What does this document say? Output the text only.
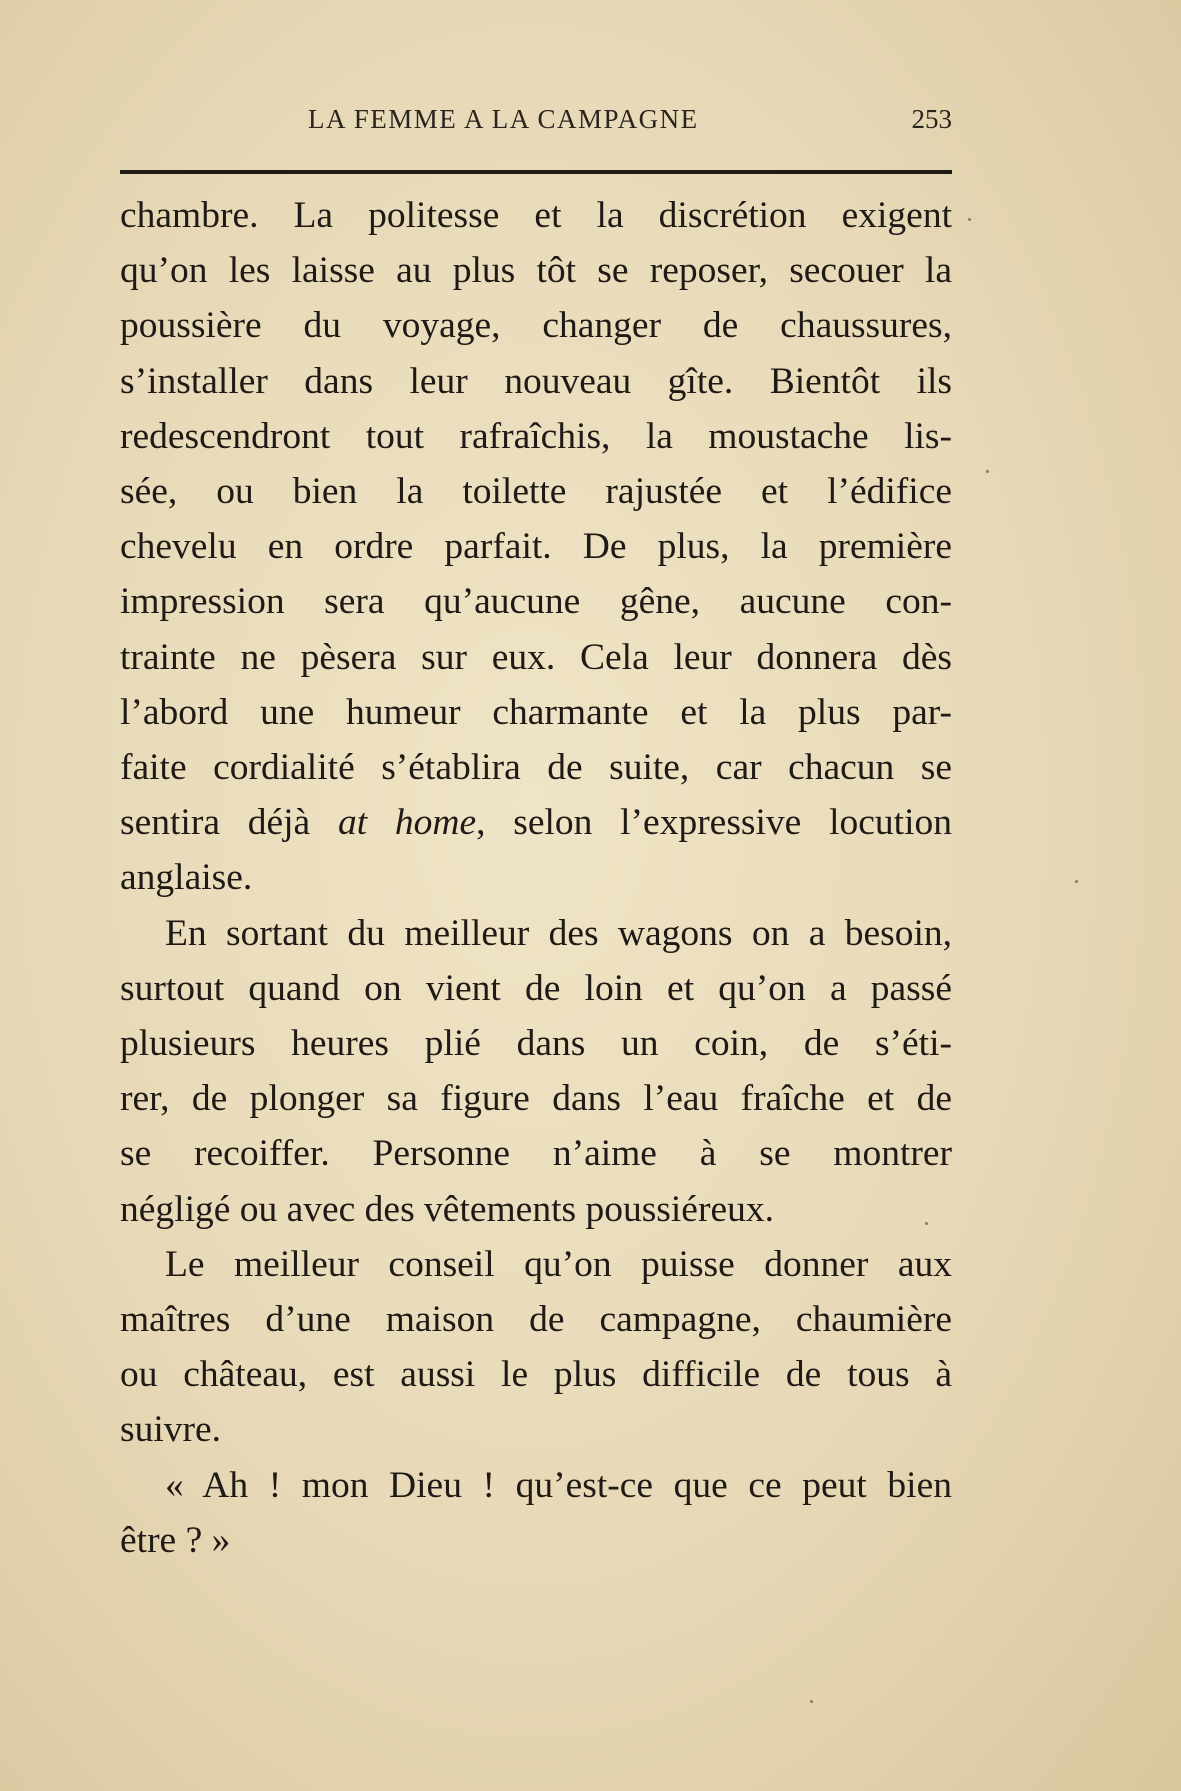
LA FEMME A LA CAMPAGNE	253

chambre. La politesse et la discrétion exigent
qu’on les laisse au plus tôt se reposer, secouer la
poussière du voyage, changer de chaussures,
s’installer dans leur nouveau gîte. Bientôt ils
redescendront tout rafraîchis, la moustache lis-
sée, ou bien la toilette rajustée et l’édifice
chevelu en ordre parfait. De plus, la première
impression sera qu’aucune gêne, aucune con-
trainte ne pèsera sur eux. Cela leur donnera dès
l’abord une humeur charmante et la plus par-
faite cordialité s’établira de suite, car chacun se
sentira déjà at home, selon l’expressive locution
anglaise.

En sortant du meilleur des wagons on a besoin,
surtout quand on vient de loin et qu’on a passé
plusieurs heures plié dans un coin, de s’éti-
rer, de plonger sa figure dans l’eau fraîche et de
se recoiffer. Personne n’aime à se montrer
négligé ou avec des vêtements poussiéreux.

Le meilleur conseil qu’on puisse donner aux
maîtres d’une maison de campagne, chaumière
ou château, est aussi le plus difficile de tous à
suivre.

« Ah ! mon Dieu ! qu’est-ce que ce peut bien
être ? »
